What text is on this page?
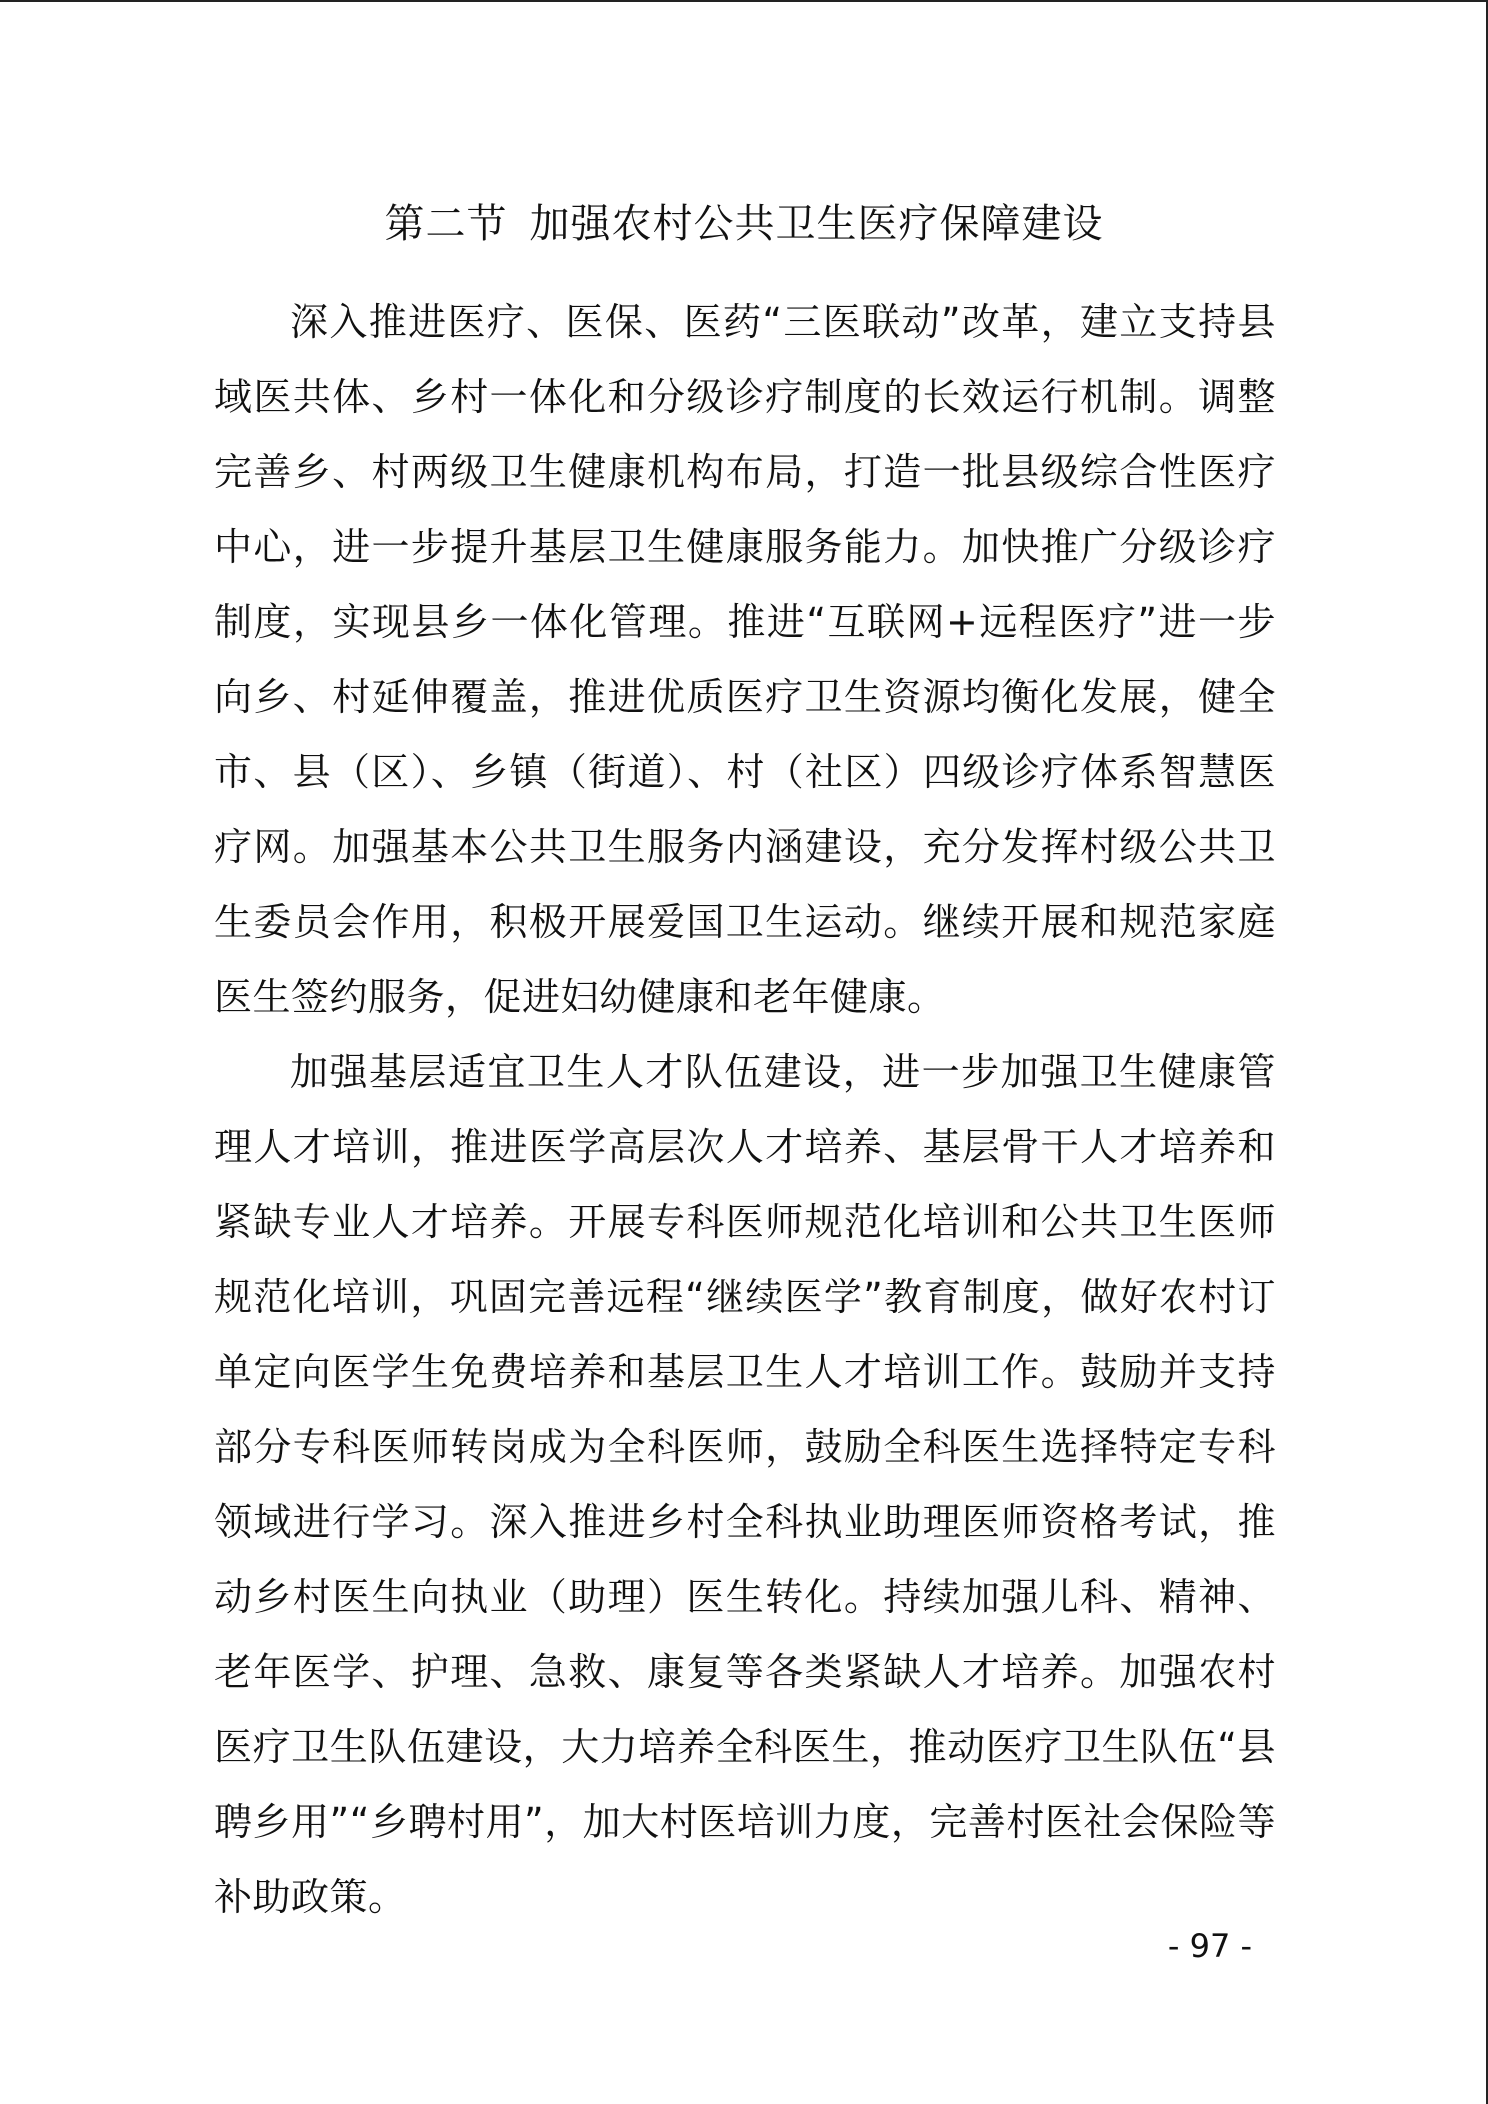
第二节 加强农村公共卫生医疗保障建设

深入推进医疗、医保、医药“三医联动”改革，建立支持县域医共体、乡村一体化和分级诊疗制度的长效运行机制。调整完善乡、村两级卫生健康机构布局，打造一批县级综合性医疗中心，进一步提升基层卫生健康服务能力。加快推广分级诊疗制度，实现县乡一体化管理。推进“互联网+远程医疗”进一步向乡、村延伸覆盖，推进优质医疗卫生资源均衡化发展，健全市、县（区）、乡镇（街道）、村（社区）四级诊疗体系智慧医疗网。加强基本公共卫生服务内涵建设，充分发挥村级公共卫生委员会作用，积极开展爱国卫生运动。继续开展和规范家庭医生签约服务，促进妇幼健康和老年健康。

加强基层适宜卫生人才队伍建设，进一步加强卫生健康管理人才培训，推进医学高层次人才培养、基层骨干人才培养和紧缺专业人才培养。开展专科医师规范化培训和公共卫生医师规范化培训，巩固完善远程“继续医学”教育制度，做好农村订单定向医学生免费培养和基层卫生人才培训工作。鼓励并支持部分专科医师转岗成为全科医师，鼓励全科医生选择特定专科领域进行学习。深入推进乡村全科执业助理医师资格考试，推动乡村医生向执业（助理）医生转化。持续加强儿科、精神、老年医学、护理、急救、康复等各类紧缺人才培养。加强农村医疗卫生队伍建设，大力培养全科医生，推动医疗卫生队伍“县聘乡用”“乡聘村用”，加大村医培训力度，完善村医社会保险等补助政策。

- 97 -
